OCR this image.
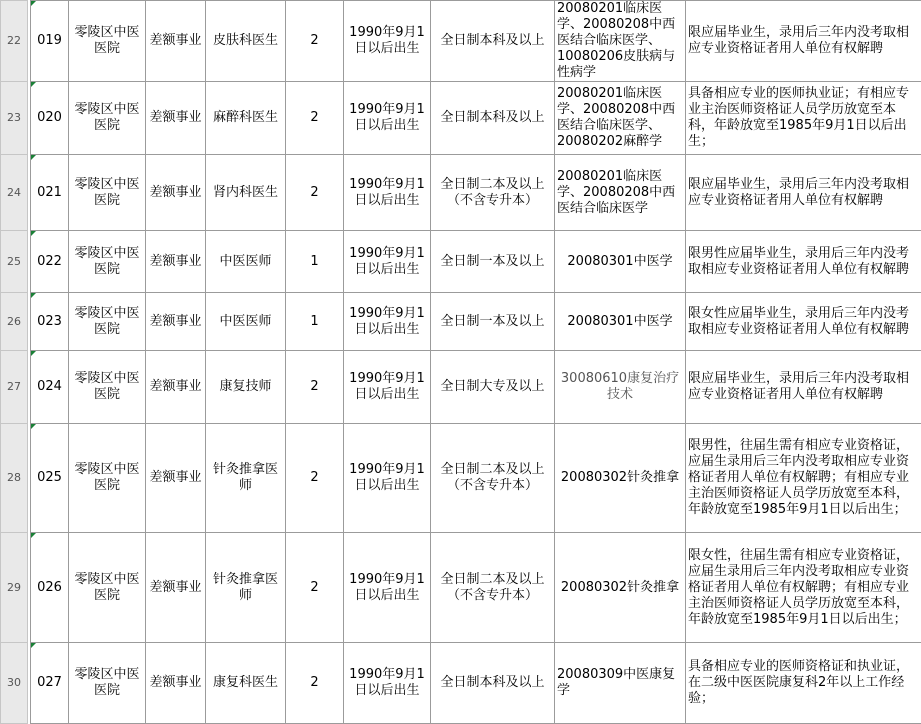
22		019	零陵区中医医院	差额事业	皮肤科医生	2	1990年9月1日以后出生	全日制本科及以上	20080201临床医学、20080208中西医结合临床医学、10080206皮肤病与性病学	限应届毕业生，录用后三年内没考取相应专业资格证者用人单位有权解聘
23		020	零陵区中医医院	差额事业	麻醉科医生	2	1990年9月1日以后出生	全日制本科及以上	20080201临床医学、20080208中西医结合临床医学、20080202麻醉学	具备相应专业的医师执业证；有相应专业主治医师资格证人员学历放宽至本科，年龄放宽至1985年9月1日以后出生；
24		021	零陵区中医医院	差额事业	肾内科医生	2	1990年9月1日以后出生	全日制二本及以上（不含专升本）	20080201临床医学、20080208中西医结合临床医学	限应届毕业生，录用后三年内没考取相应专业资格证者用人单位有权解聘
25		022	零陵区中医医院	差额事业	中医医师	1	1990年9月1日以后出生	全日制一本及以上	20080301中医学	限男性应届毕业生，录用后三年内没考取相应专业资格证者用人单位有权解聘
26		023	零陵区中医医院	差额事业	中医医师	1	1990年9月1日以后出生	全日制一本及以上	20080301中医学	限女性应届毕业生，录用后三年内没考取相应专业资格证者用人单位有权解聘
27		024	零陵区中医医院	差额事业	康复技师	2	1990年9月1日以后出生	全日制大专及以上	30080610康复治疗技术	限应届毕业生，录用后三年内没考取相应专业资格证者用人单位有权解聘
28		025	零陵区中医医院	差额事业	针灸推拿医师	2	1990年9月1日以后出生	全日制二本及以上（不含专升本）	20080302针灸推拿	限男性，往届生需有相应专业资格证，应届生录用后三年内没考取相应专业资格证者用人单位有权解聘；有相应专业主治医师资格证人员学历放宽至本科，年龄放宽至1985年9月1日以后出生；
29		026	零陵区中医医院	差额事业	针灸推拿医师	2	1990年9月1日以后出生	全日制二本及以上（不含专升本）	20080302针灸推拿	限女性，往届生需有相应专业资格证，应届生录用后三年内没考取相应专业资格证者用人单位有权解聘；有相应专业主治医师资格证人员学历放宽至本科，年龄放宽至1985年9月1日以后出生；
30		027	零陵区中医医院	差额事业	康复科医生	2	1990年9月1日以后出生	全日制本科及以上	20080309中医康复学	具备相应专业的医师资格证和执业证，在二级中医医院康复科2年以上工作经验；
